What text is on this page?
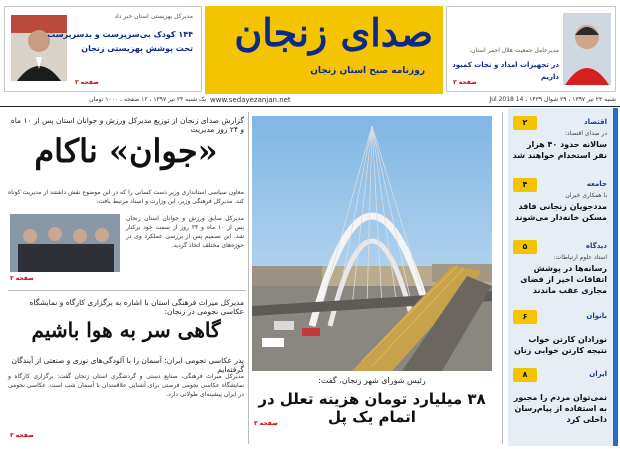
صدای زنجان
روزنامه صبح استان زنجان
www.sedayezanjan.net
یک شنبه ۲۴ تیر ۱۳۹۷ ، ۱۲ صفحه ، ۱۰۰۰ تومان	شنبه ۲۳ تیر ۱۳۹۷ ، ۲۹ شوال ۱۴۳۹ ، 14 Jul 2018
مدیرکل بهزیستی استان خبر داد
۱۴۴ کودک بی‌سرپرست و بدسرپرست
تحت پوشش بهزیستی زنجان
صفحه ۳
مدیرعامل جمعیت هلال احمر استان:
در تجهیزات امداد و نجات کمبود داریم
صفحه ۳
۲	اقتصاد
در صدای اقتصاد:
سالانه حدود ۴۰ هزار نفر استخدام خواهند شد
۴	جامعه
با همکاری خیران
مددجویان زنجانی فاقد مسکن خانه‌دار می‌شوند
۵	دیدگاه
استاد علوم ارتباطات:
رسانه‌ها در پوشش اتفاقات اخیر از فضای مجازی عقب ماندند
۶	بانوان
نوزادان کارتن خواب نتیجه کارتن خوابی زنان
۸	ایران
نمی‌توان مردم را مجبور به استفاده از پیام‌رسان داخلی کرد
رئیس شورای شهر زنجان، گفت:
۳۸ میلیارد تومان هزینه تعلل در اتمام یک پل
صفحه ۳
گزارش صدای زنجان از توزیع مدیرکل ورزش و جوانان استان پس از ۱۰ ماه و ۲۴ روز مدیریت
«جوان» ناکام
معاون سیاسی استانداری وزیر دست کسانی را که در این موضوع نقش داشتند از مدیریت کوتاه کند. مدیرکل فرهنگی وزیر، این وزارت و اسناد مرتبط یافت.
مدیرکل سابق ورزش و جوانان استان زنجان پس از ۱۰ ماه و ۲۴ روز از سمت خود برکنار شد. این تصمیم پس از بررسی عملکرد وی در حوزه‌های مختلف اتخاذ گردید.
صفحه ۳
مدیرکل میراث فرهنگی استان با اشاره به برگزاری کارگاه و نمایشگاه عکاسی نجومی در زنجان:
گاهی سر به هوا باشیم
پدر عکاسی نجومی ایران: آسمان را با آلودگی‌های نوری و صنعتی از آیندگان گرفته‌ایم
مدیرکل میراث فرهنگی، صنایع دستی و گردشگری استان زنجان گفت: برگزاری کارگاه و نمایشگاه عکاسی نجومی فرصتی برای آشنایی علاقمندان با آسمان شب است. عکاسی نجومی در ایران پیشینه‌ای طولانی دارد.
صفحه ۳
